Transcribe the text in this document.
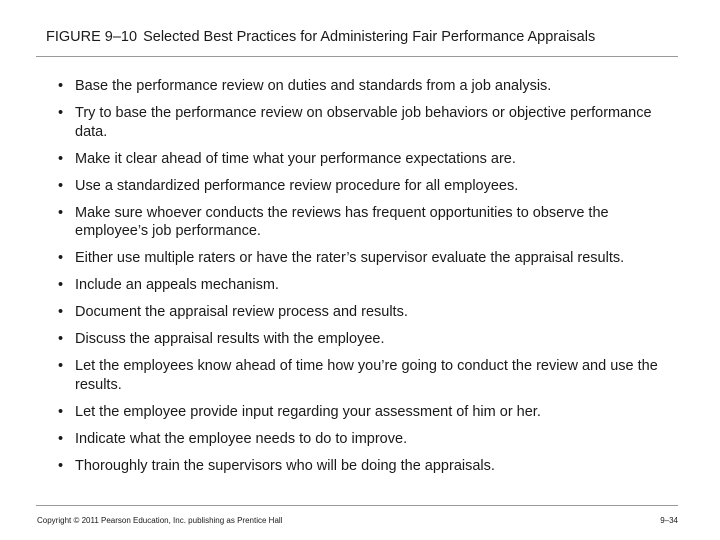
FIGURE 9–10 Selected Best Practices for Administering Fair Performance Appraisals
• Base the performance review on duties and standards from a job analysis.
• Try to base the performance review on observable job behaviors or objective performance data.
• Make it clear ahead of time what your performance expectations are.
• Use a standardized performance review procedure for all employees.
• Make sure whoever conducts the reviews has frequent opportunities to observe the employee’s job performance.
• Either use multiple raters or have the rater’s supervisor evaluate the appraisal results.
• Include an appeals mechanism.
• Document the appraisal review process and results.
• Discuss the appraisal results with the employee.
• Let the employees know ahead of time how you’re going to conduct the review and use the results.
• Let the employee provide input regarding your assessment of him or her.
• Indicate what the employee needs to do to improve.
• Thoroughly train the supervisors who will be doing the appraisals.
Copyright © 2011 Pearson Education, Inc. publishing as Prentice Hall	9–34
